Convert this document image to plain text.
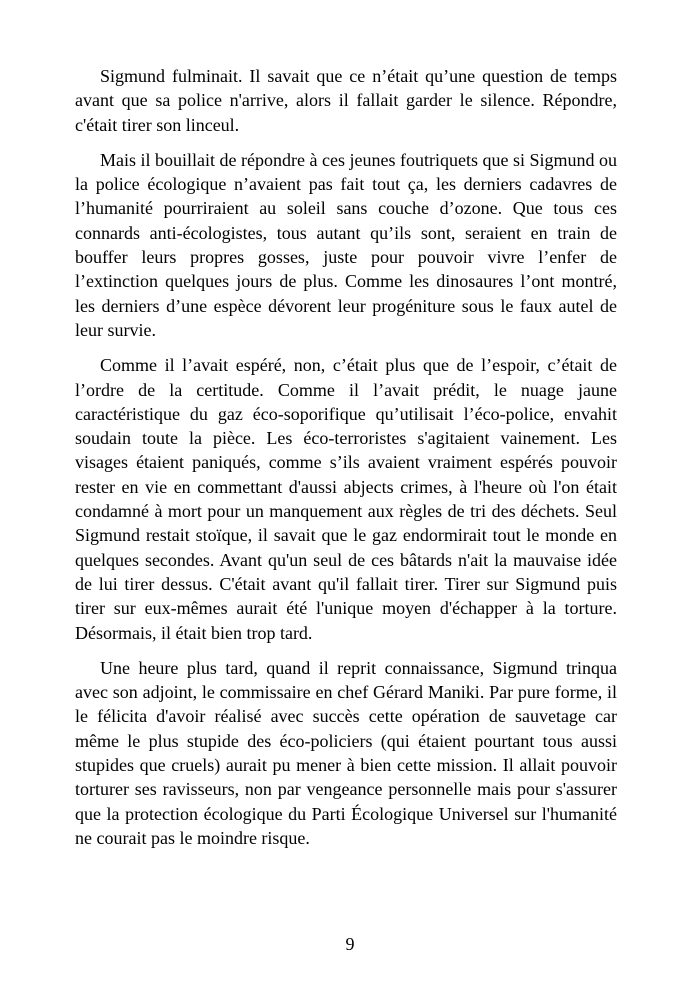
Sigmund fulminait. Il savait que ce n’était qu’une question de temps avant que sa police n'arrive, alors il fallait garder le silence. Répondre, c'était tirer son linceul.

Mais il bouillait de répondre à ces jeunes foutriquets que si Sigmund ou la police écologique n’avaient pas fait tout ça, les derniers cadavres de l’humanité pourriraient au soleil sans couche d’ozone. Que tous ces connards anti-écologistes, tous autant qu’ils sont, seraient en train de bouffer leurs propres gosses, juste pour pouvoir vivre l’enfer de l’extinction quelques jours de plus. Comme les dinosaures l’ont montré, les derniers d’une espèce dévorent leur progéniture sous le faux autel de leur survie.

Comme il l’avait espéré, non, c’était plus que de l’espoir, c’était de l’ordre de la certitude. Comme il l’avait prédit, le nuage jaune caractéristique du gaz éco-soporifique qu’utilisait l’éco-police, envahit soudain toute la pièce. Les éco-terroristes s'agitaient vainement. Les visages étaient paniqués, comme s’ils avaient vraiment espérés pouvoir rester en vie en commettant d'aussi abjects crimes, à l'heure où l'on était condamné à mort pour un manquement aux règles de tri des déchets. Seul Sigmund restait stoïque, il savait que le gaz endormirait tout le monde en quelques secondes. Avant qu'un seul de ces bâtards n'ait la mauvaise idée de lui tirer dessus. C'était avant qu'il fallait tirer. Tirer sur Sigmund puis tirer sur eux-mêmes aurait été l'unique moyen d'échapper à la torture. Désormais, il était bien trop tard.

Une heure plus tard, quand il reprit connaissance, Sigmund trinqua avec son adjoint, le commissaire en chef Gérard Maniki. Par pure forme, il le félicita d'avoir réalisé avec succès cette opération de sauvetage car même le plus stupide des éco-policiers (qui étaient pourtant tous aussi stupides que cruels) aurait pu mener à bien cette mission. Il allait pouvoir torturer ses ravisseurs, non par vengeance personnelle mais pour s'assurer que la protection écologique du Parti Écologique Universel sur l'humanité ne courait pas le moindre risque.

9
